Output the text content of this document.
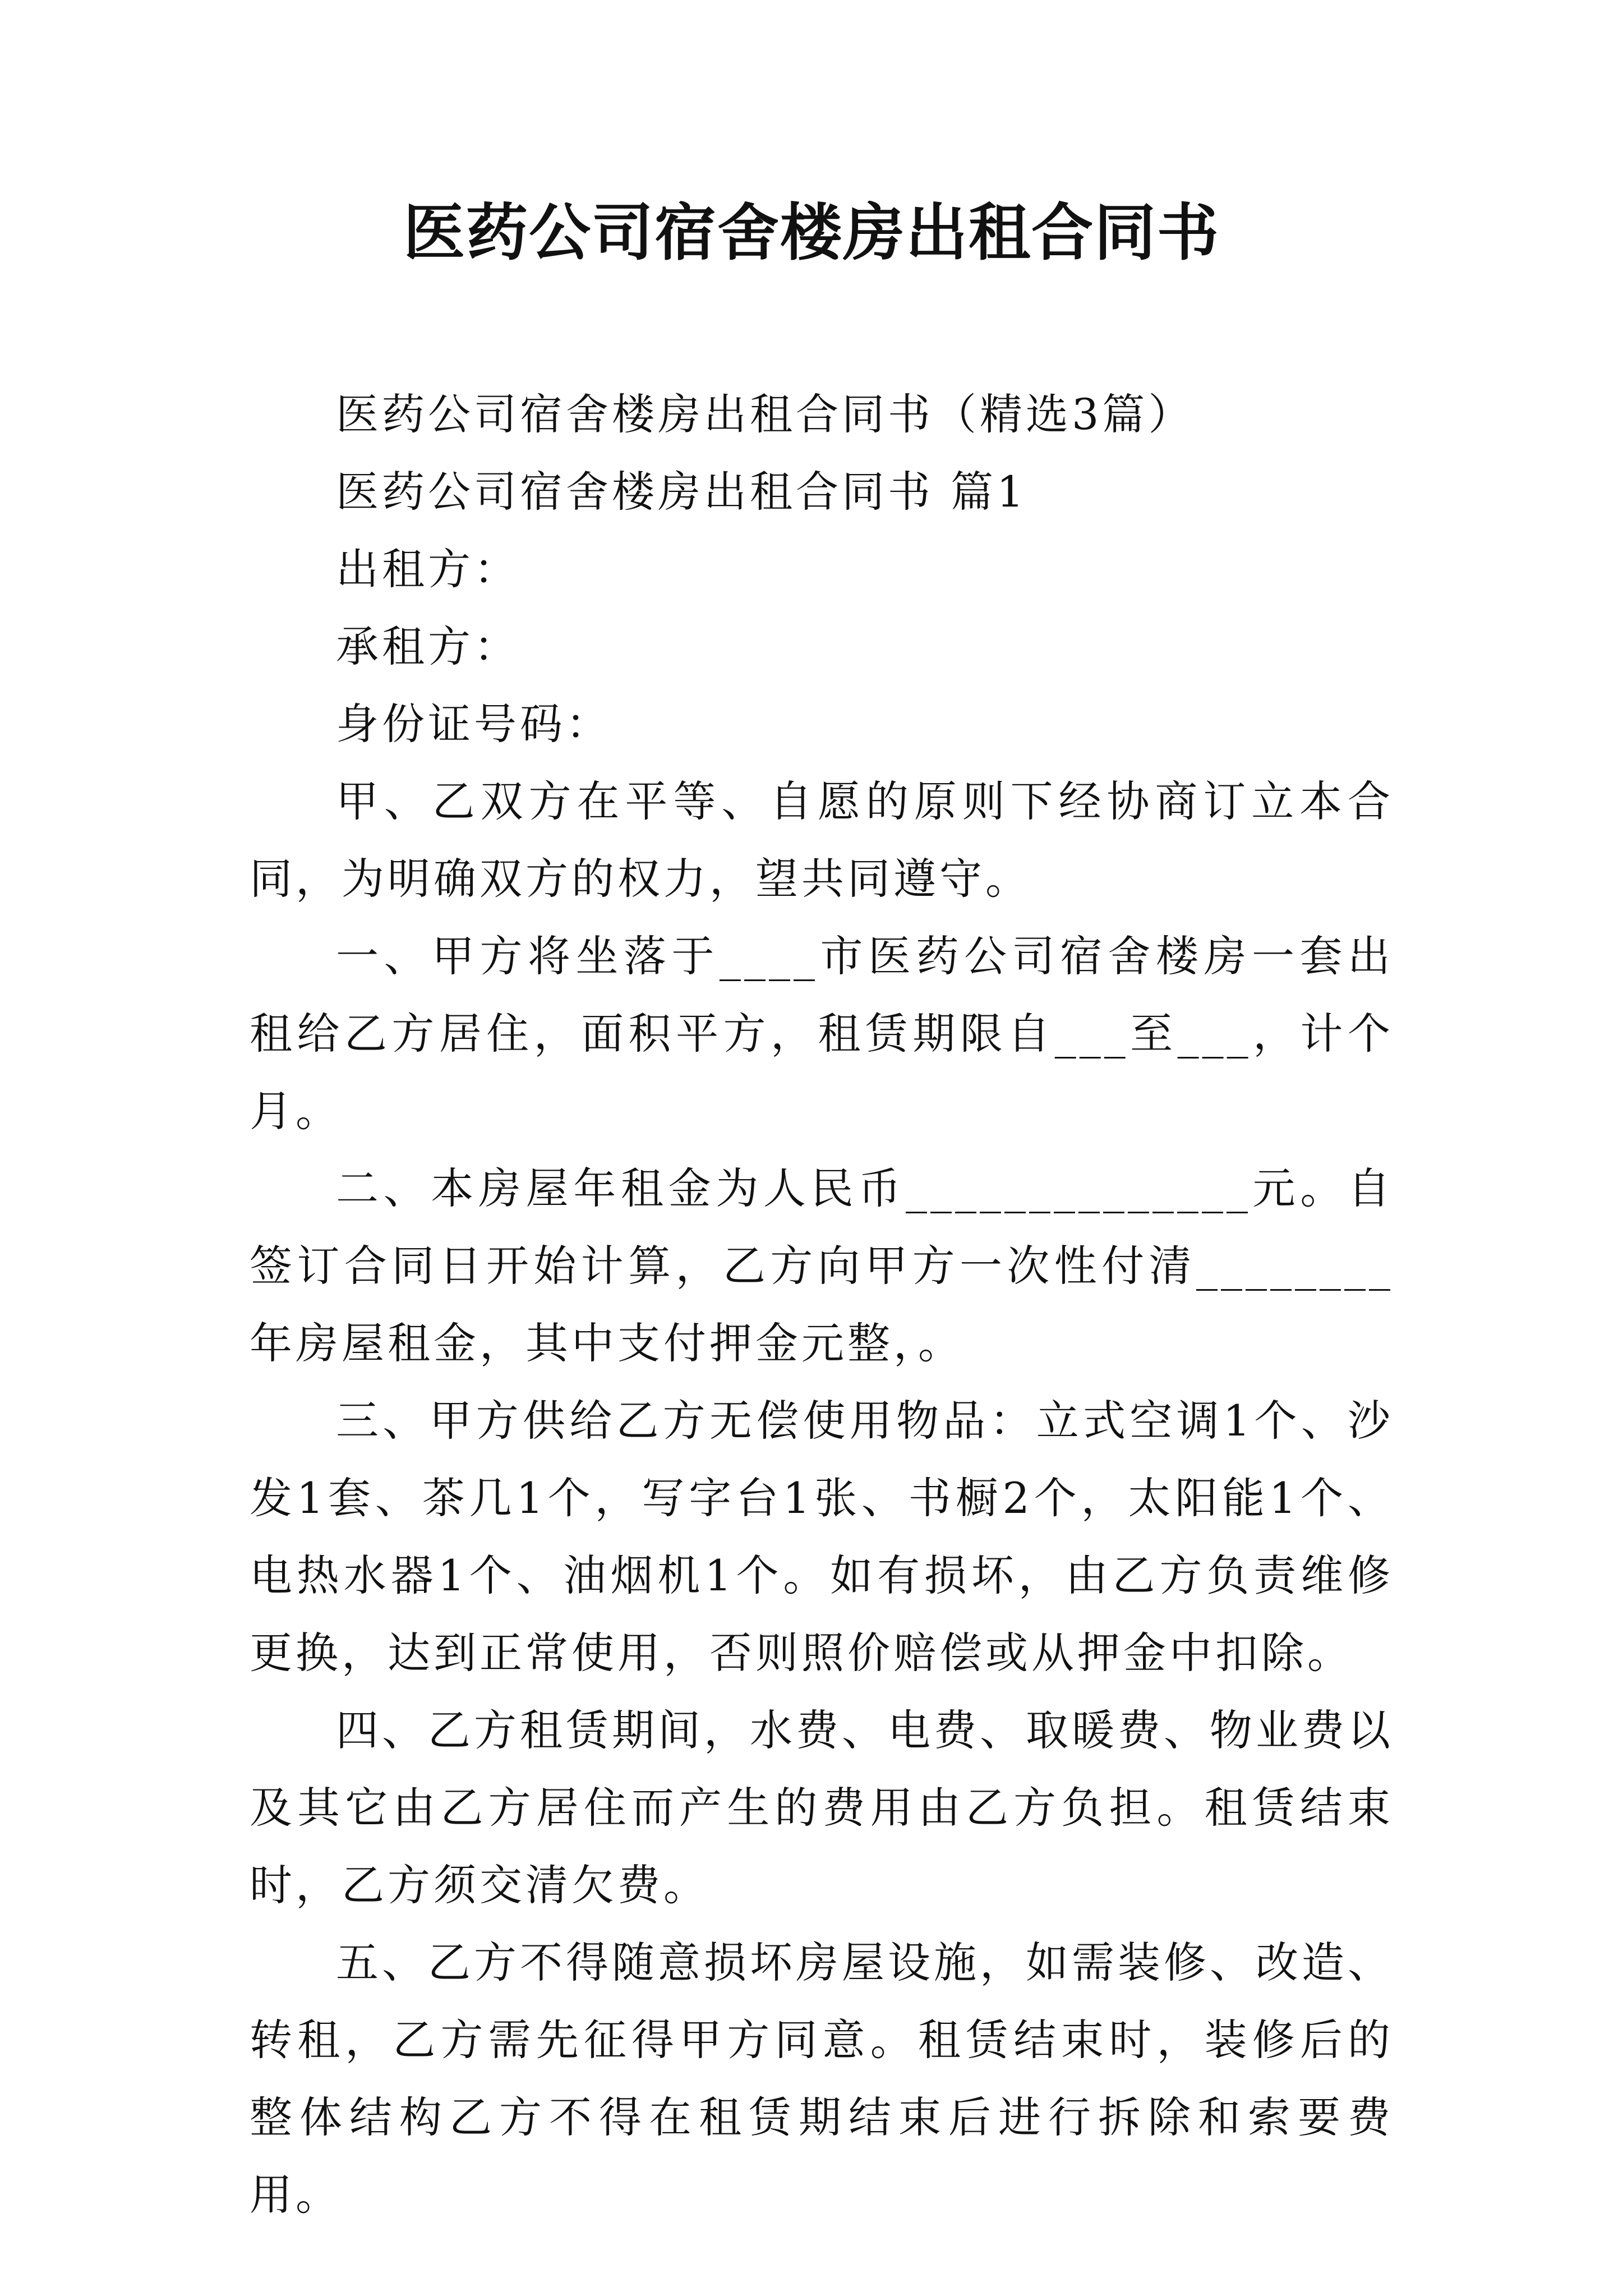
医药公司宿舍楼房出租合同书

医药公司宿舍楼房出租合同书（精选3篇）

医药公司宿舍楼房出租合同书 篇1

出租方：

承租方：

身份证号码：

甲、乙双方在平等、自愿的原则下经协商订立本合同，为明确双方的权力，望共同遵守。

一、甲方将坐落于____市医药公司宿舍楼房一套出租给乙方居住，面积平方，租赁期限自___至___，计个月。

二、本房屋年租金为人民币______________元。自签订合同日开始计算，乙方向甲方一次性付清________年房屋租金，其中支付押金元整，。

三、甲方供给乙方无偿使用物品：立式空调1个、沙发1套、茶几1个，写字台1张、书橱2个，太阳能1个、电热水器1个、油烟机1个。如有损坏，由乙方负责维修更换，达到正常使用，否则照价赔偿或从押金中扣除。

四、乙方租赁期间，水费、电费、取暖费、物业费以及其它由乙方居住而产生的费用由乙方负担。租赁结束时，乙方须交清欠费。

五、乙方不得随意损坏房屋设施，如需装修、改造、转租，乙方需先征得甲方同意。租赁结束时，装修后的整体结构乙方不得在租赁期结束后进行拆除和索要费用。
